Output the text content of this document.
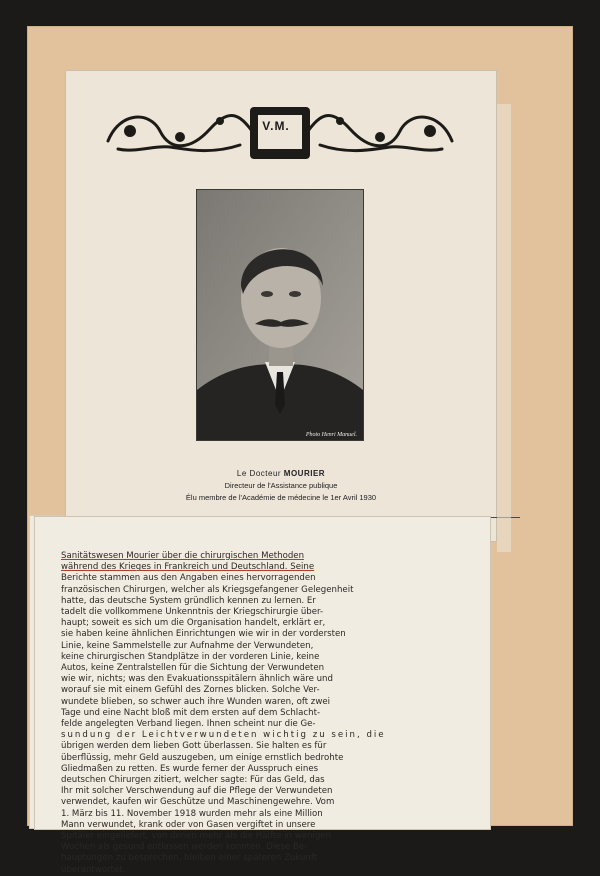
V.M.
Photo Henri Manuel.
Le Docteur MOURIER
Directeur de l'Assistance publique
Élu membre de l'Académie de médecine le 1er Avril 1930
Sanitätswesen Mourier über die chirurgischen Methoden
während des Krieges in Frankreich und Deutschland. Seine
Berichte stammen aus den Angaben eines hervorragenden
französischen Chirurgen, welcher als Kriegsgefangener Gelegenheit
hatte, das deutsche System gründlich kennen zu lernen. Er
tadelt die vollkommene Unkenntnis der Kriegschirurgie über-
haupt; soweit es sich um die Organisation handelt, erklärt er,
sie haben keine ähnlichen Einrichtungen wie wir in der vordersten
Linie, keine Sammelstelle zur Aufnahme der Verwundeten,
keine chirurgischen Standplätze in der vorderen Linie, keine
Autos, keine Zentralstellen für die Sichtung der Verwundeten
wie wir, nichts; was den Evakuationsspitälern ähnlich wäre und
worauf sie mit einem Gefühl des Zornes blicken. Solche Ver-
wundete blieben, so schwer auch ihre Wunden waren, oft zwei
Tage und eine Nacht bloß mit dem ersten auf dem Schlacht-
felde angelegten Verband liegen. Ihnen scheint nur die Ge-
sundung der Leichtverwundeten wichtig zu sein, die
übrigen werden dem lieben Gott überlassen. Sie halten es für
überflüssig, mehr Geld auszugeben, um einige ernstlich bedrohte
Gliedmaßen zu retten. Es wurde ferner der Ausspruch eines
deutschen Chirurgen zitiert, welcher sagte: Für das Geld, das
Ihr mit solcher Verschwendung auf die Pflege der Verwundeten
verwendet, kaufen wir Geschütze und Maschinengewehre. Vom
1. März bis 11. November 1918 wurden mehr als eine Million
Mann verwundet, krank oder von Gasen vergiftet in unsere
Spitäler eingeliefert, von denen mehr als die Hälfte in wenigen
Wochen als gesund entlassen werden konnten. Diese Be-
hauptungen zu besprechen, bleiben einer späteren Zukunft
überantwortet.
